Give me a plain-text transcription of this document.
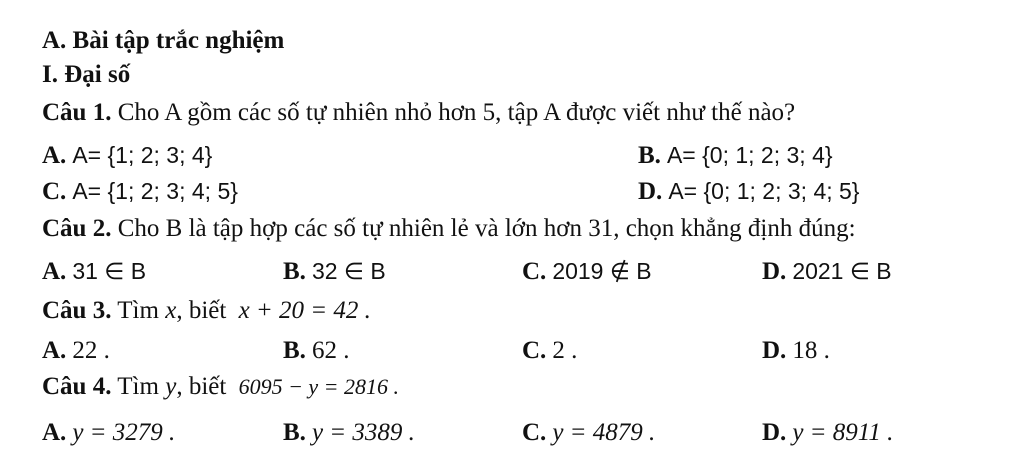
A. Bài tập trắc nghiệm
I. Đại số
Câu 1. Cho A gồm các số tự nhiên nhỏ hơn 5, tập A được viết như thế nào?
A. A= {1; 2; 3; 4}	B. A= {0; 1; 2; 3; 4}
C. A= {1; 2; 3; 4; 5}	D. A= {0; 1; 2; 3; 4; 5}
Câu 2. Cho B là tập hợp các số tự nhiên lẻ và lớn hơn 31, chọn khẳng định đúng:
A. 31 ∈ B	B. 32 ∈ B	C. 2019 ∉ B	D. 2021 ∈ B
Câu 3. Tìm x, biết x + 20 = 42 .
A. 22 .	B. 62 .	C. 2 .	D. 18 .
Câu 4. Tìm y, biết 6095 − y = 2816 .
A. y = 3279 .	B. y = 3389 .	C. y = 4879 .	D. y = 8911 .
